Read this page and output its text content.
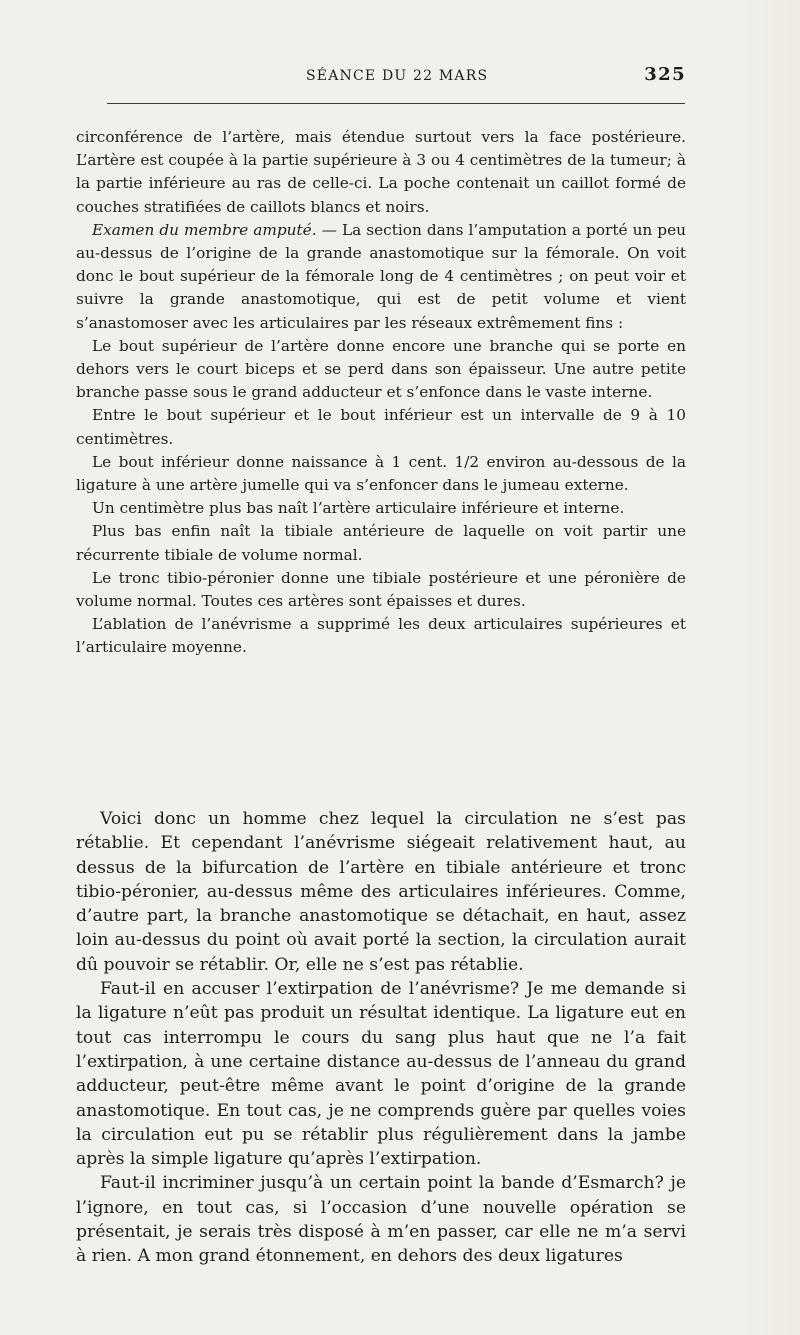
SÉANCE DU 22 MARS	325

circonférence de l’artère, mais étendue surtout vers la face postérieure. L’artère est coupée à la partie supérieure à 3 ou 4 centimètres de la tumeur; à la partie inférieure au ras de celle-ci. La poche contenait un caillot formé de couches stratifiées de caillots blancs et noirs.

Examen du membre amputé. — La section dans l’amputation a porté un peu au-dessus de l’origine de la grande anastomotique sur la fémorale. On voit donc le bout supérieur de la fémorale long de 4 centimètres ; on peut voir et suivre la grande anastomotique, qui est de petit volume et vient s’anastomoser avec les articulaires par les réseaux extrêmement fins :

Le bout supérieur de l’artère donne encore une branche qui se porte en dehors vers le court biceps et se perd dans son épaisseur. Une autre petite branche passe sous le grand adducteur et s’enfonce dans le vaste interne.

Entre le bout supérieur et le bout inférieur est un intervalle de 9 à 10 centimètres.

Le bout inférieur donne naissance à 1 cent. 1/2 environ au-dessous de la ligature à une artère jumelle qui va s’enfoncer dans le jumeau externe.

Un centimètre plus bas naît l’artère articulaire inférieure et interne.

Plus bas enfin naît la tibiale antérieure de laquelle on voit partir une récurrente tibiale de volume normal.

Le tronc tibio-péronier donne une tibiale postérieure et une péronière de volume normal. Toutes ces artères sont épaisses et dures.

L’ablation de l’anévrisme a supprimé les deux articulaires supérieures et l’articulaire moyenne.

Voici donc un homme chez lequel la circulation ne s’est pas rétablie. Et cependant l’anévrisme siégeait relativement haut, au dessus de la bifurcation de l’artère en tibiale antérieure et tronc tibio-péronier, au-dessus même des articulaires inférieures. Comme, d’autre part, la branche anastomotique se détachait, en haut, assez loin au-dessus du point où avait porté la section, la circulation aurait dû pouvoir se rétablir. Or, elle ne s’est pas rétablie.

Faut-il en accuser l’extirpation de l’anévrisme? Je me demande si la ligature n’eût pas produit un résultat identique. La ligature eut en tout cas interrompu le cours du sang plus haut que ne l’a fait l’extirpation, à une certaine distance au-dessus de l’anneau du grand adducteur, peut-être même avant le point d’origine de la grande anastomotique. En tout cas, je ne comprends guère par quelles voies la circulation eut pu se rétablir plus régulièrement dans la jambe après la simple ligature qu’après l’extirpation.

Faut-il incriminer jusqu’à un certain point la bande d’Esmarch? je l’ignore, en tout cas, si l’occasion d’une nouvelle opération se présentait, je serais très disposé à m’en passer, car elle ne m’a servi à rien. A mon grand étonnement, en dehors des deux ligatures
